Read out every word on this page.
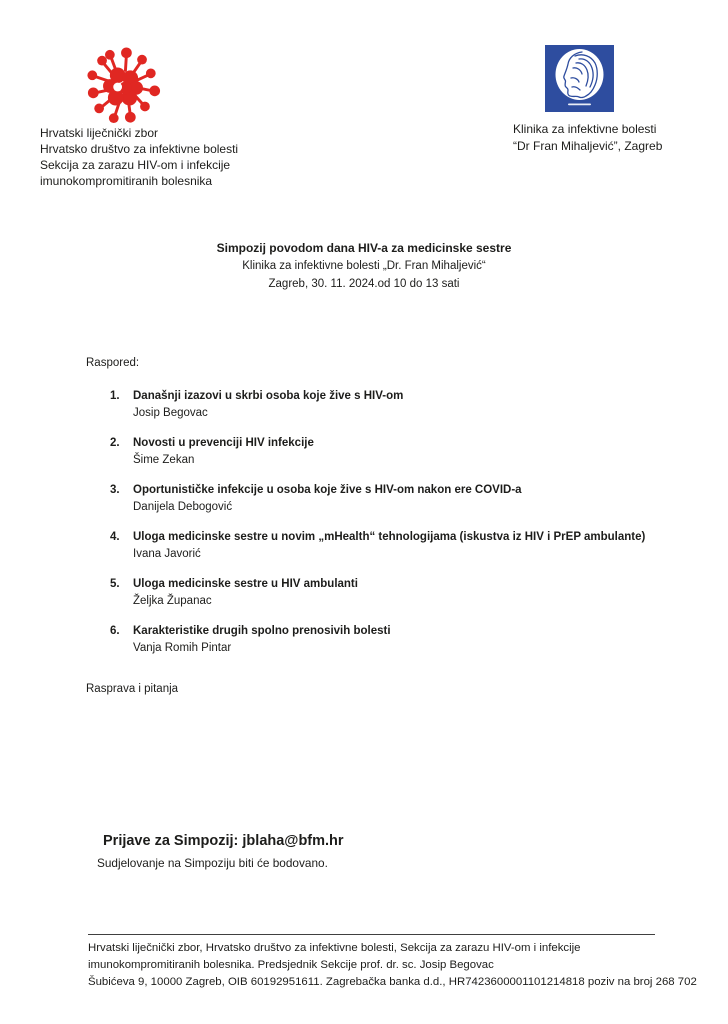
Hrvatski liječnički zbor
Hrvatsko društvo za infektivne bolesti
Sekcija za zarazu HIV-om i infekcije
imunokompromitiranih bolesnika
Klinika za infektivne bolesti
“Dr Fran Mihaljević”, Zagreb
Simpozij povodom dana HIV-a za medicinske sestre
Klinika za infektivne bolesti „Dr. Fran Mihaljević“
Zagreb, 30. 11. 2024.od 10 do 13 sati
Raspored:
1.	Današnji izazovi u skrbi osoba koje žive s HIV-om
Josip Begovac
2.	Novosti u prevenciji HIV infekcije
Šime Zekan
3.	Oportunističke infekcije u osoba koje žive s HIV-om nakon ere COVID-a
Danijela Debogović
4.	Uloga medicinske sestre u novim „mHealth“ tehnologijama (iskustva iz HIV i PrEP ambulante)
Ivana Javorić
5.	Uloga medicinske sestre u HIV ambulanti
Željka Županac
6.	Karakteristike drugih spolno prenosivih bolesti
Vanja Romih Pintar
Rasprava i pitanja
Prijave za Simpozij: jblaha@bfm.hr
Sudjelovanje na Simpoziju biti će bodovano.
Hrvatski liječnički zbor, Hrvatsko društvo za infektivne bolesti, Sekcija za zarazu HIV-om i infekcije
imunokompromitiranih bolesnika. Predsjednik Sekcije prof. dr. sc. Josip Begovac
Šubićeva 9, 10000 Zagreb, OIB 60192951611. Zagrebačka banka d.d., HR7423600001101214818 poziv na broj 268 702
